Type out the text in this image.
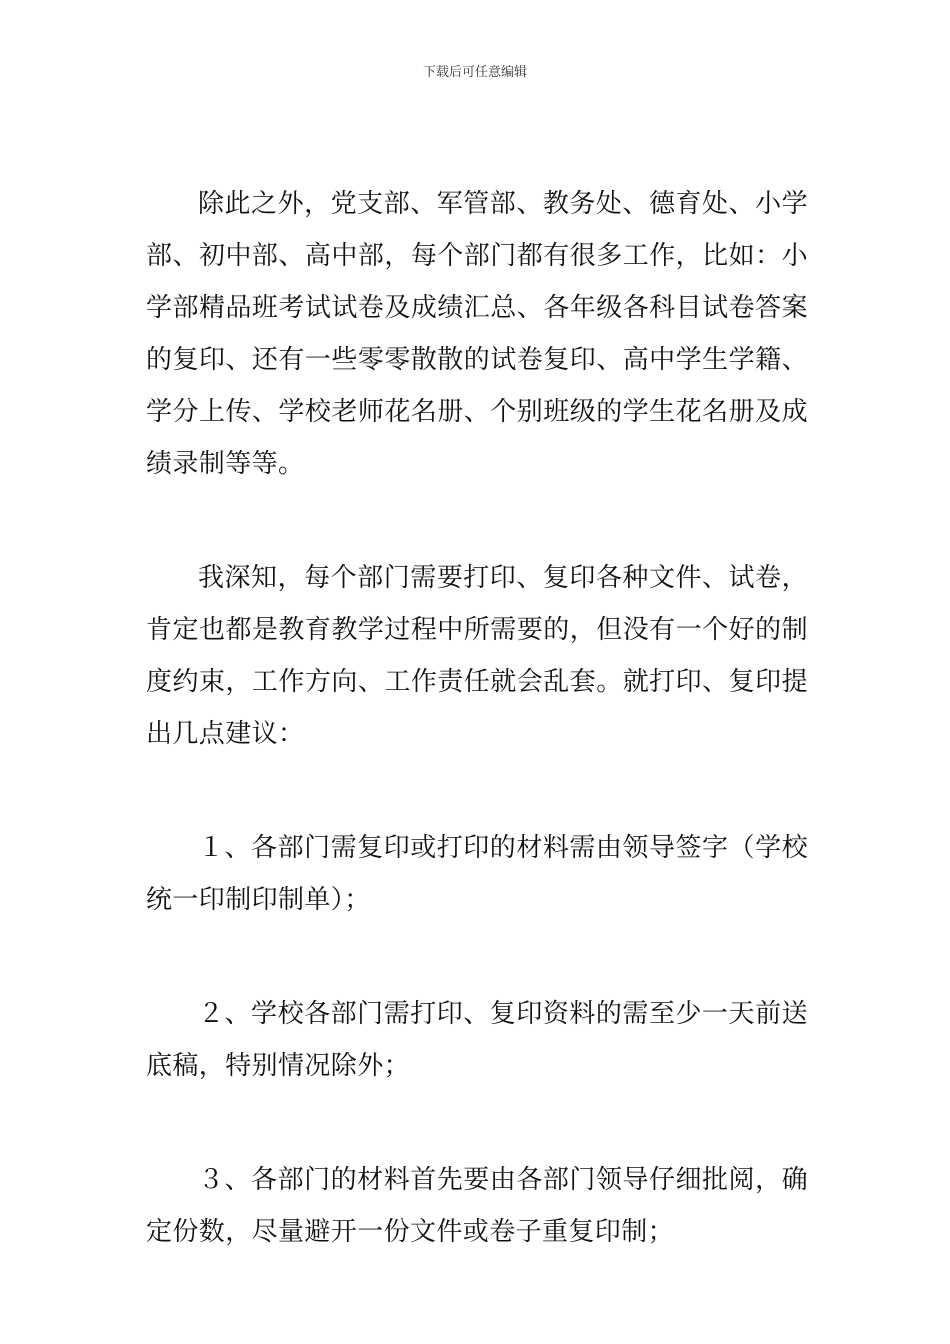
下载后可任意编辑

除此之外，党支部、军管部、教务处、德育处、小学部、初中部、高中部，每个部门都有很多工作，比如：小学部精品班考试试卷及成绩汇总、各年级各科目试卷答案的复印、还有一些零零散散的试卷复印、高中学生学籍、学分上传、学校老师花名册、个别班级的学生花名册及成绩录制等等。

我深知，每个部门需要打印、复印各种文件、试卷，肯定也都是教育教学过程中所需要的，但没有一个好的制度约束，工作方向、工作责任就会乱套。就打印、复印提出几点建议：

１、各部门需复印或打印的材料需由领导签字（学校统一印制印制单）；

２、学校各部门需打印、复印资料的需至少一天前送底稿，特别情况除外；

３、各部门的材料首先要由各部门领导仔细批阅，确定份数，尽量避开一份文件或卷子重复印制；
